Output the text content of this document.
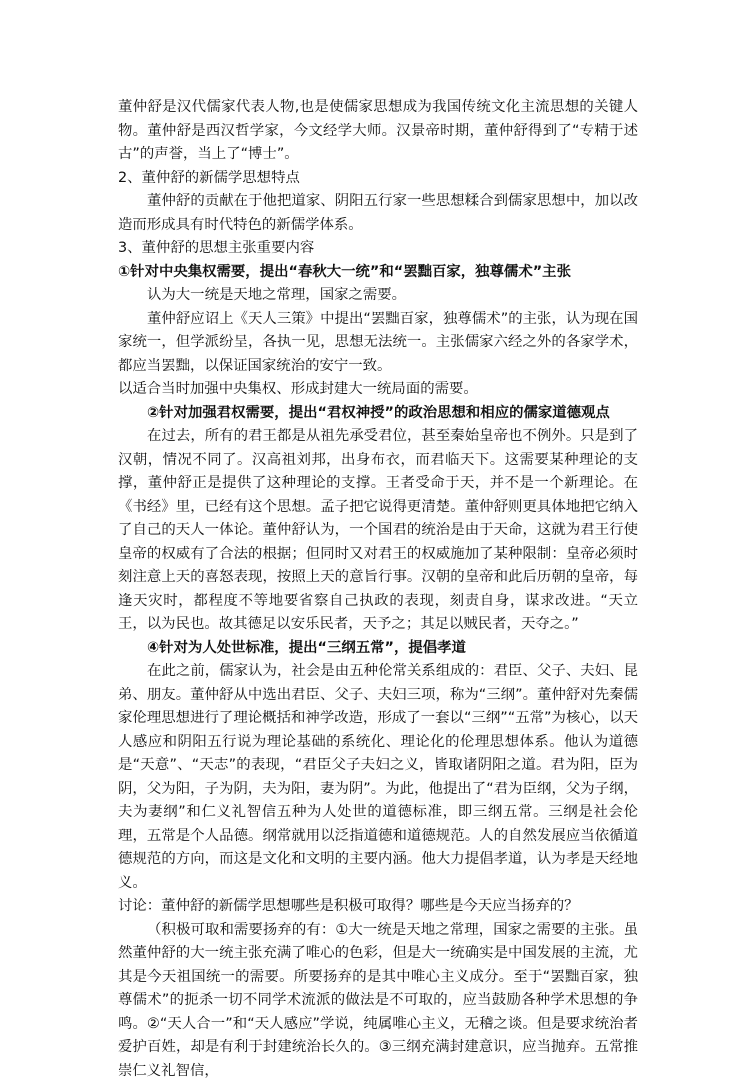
董仲舒是汉代儒家代表人物,也是使儒家思想成为我国传统文化主流思想的关键人物。董仲舒是西汉哲学家，今文经学大师。汉景帝时期，董仲舒得到了“专精于述古”的声誉，当上了“博士”。

2、董仲舒的新儒学思想特点

董仲舒的贡献在于他把道家、阴阳五行家一些思想糅合到儒家思想中，加以改造而形成具有时代特色的新儒学体系。

3、董仲舒的思想主张重要内容

①针对中央集权需要，提出“春秋大一统”和“罢黜百家，独尊儒术”主张

认为大一统是天地之常理，国家之需要。

董仲舒应诏上《天人三策》中提出“罢黜百家，独尊儒术”的主张，认为现在国家统一，但学派纷呈，各执一见，思想无法统一。主张儒家六经之外的各家学术，都应当罢黜，以保证国家统治的安宁一致。

以适合当时加强中央集权、形成封建大一统局面的需要。

②针对加强君权需要，提出“君权神授”的政治思想和相应的儒家道德观点

在过去，所有的君王都是从祖先承受君位，甚至秦始皇帝也不例外。只是到了汉朝，情况不同了。汉高祖刘邦，出身布衣，而君临天下。这需要某种理论的支撑，董仲舒正是提供了这种理论的支撑。王者受命于天，并不是一个新理论。在《书经》里，已经有这个思想。孟子把它说得更清楚。董仲舒则更具体地把它纳入了自己的天人一体论。董仲舒认为，一个国君的统治是由于天命，这就为君王行使皇帝的权威有了合法的根据；但同时又对君王的权威施加了某种限制：皇帝必须时刻注意上天的喜怒表现，按照上天的意旨行事。汉朝的皇帝和此后历朝的皇帝，每逢天灾时，都程度不等地要省察自己执政的表现，刻责自身，谋求改进。“天立王，以为民也。故其德足以安乐民者，天予之；其足以贼民者，天夺之。”

④针对为人处世标准，提出“三纲五常”，提倡孝道

在此之前，儒家认为，社会是由五种伦常关系组成的：君臣、父子、夫妇、昆弟、朋友。董仲舒从中选出君臣、父子、夫妇三项，称为“三纲”。董仲舒对先秦儒家伦理思想进行了理论概括和神学改造，形成了一套以“三纲”“五常”为核心，以天人感应和阴阳五行说为理论基础的系统化、理论化的伦理思想体系。他认为道德是“天意”、“天志”的表现，“君臣父子夫妇之义，皆取诸阴阳之道。君为阳，臣为阴，父为阳，子为阴，夫为阳，妻为阴”。为此，他提出了“君为臣纲，父为子纲，夫为妻纲”和仁义礼智信五种为人处世的道德标准，即三纲五常。三纲是社会伦理，五常是个人品德。纲常就用以泛指道德和道德规范。人的自然发展应当依循道德规范的方向，而这是文化和文明的主要内涵。他大力提倡孝道，认为孝是天经地义。

讨论：董仲舒的新儒学思想哪些是积极可取得？哪些是今天应当扬弃的？

（积极可取和需要扬弃的有：①大一统是天地之常理，国家之需要的主张。虽然董仲舒的大一统主张充满了唯心的色彩，但是大一统确实是中国发展的主流，尤其是今天祖国统一的需要。所要扬弃的是其中唯心主义成分。至于“罢黜百家，独尊儒术”的扼杀一切不同学术流派的做法是不可取的，应当鼓励各种学术思想的争鸣。②“天人合一”和“天人感应”学说，纯属唯心主义，无稽之谈。但是要求统治者爱护百姓，却是有利于封建统治长久的。③三纲充满封建意识，应当抛弃。五常推崇仁义礼智信，
